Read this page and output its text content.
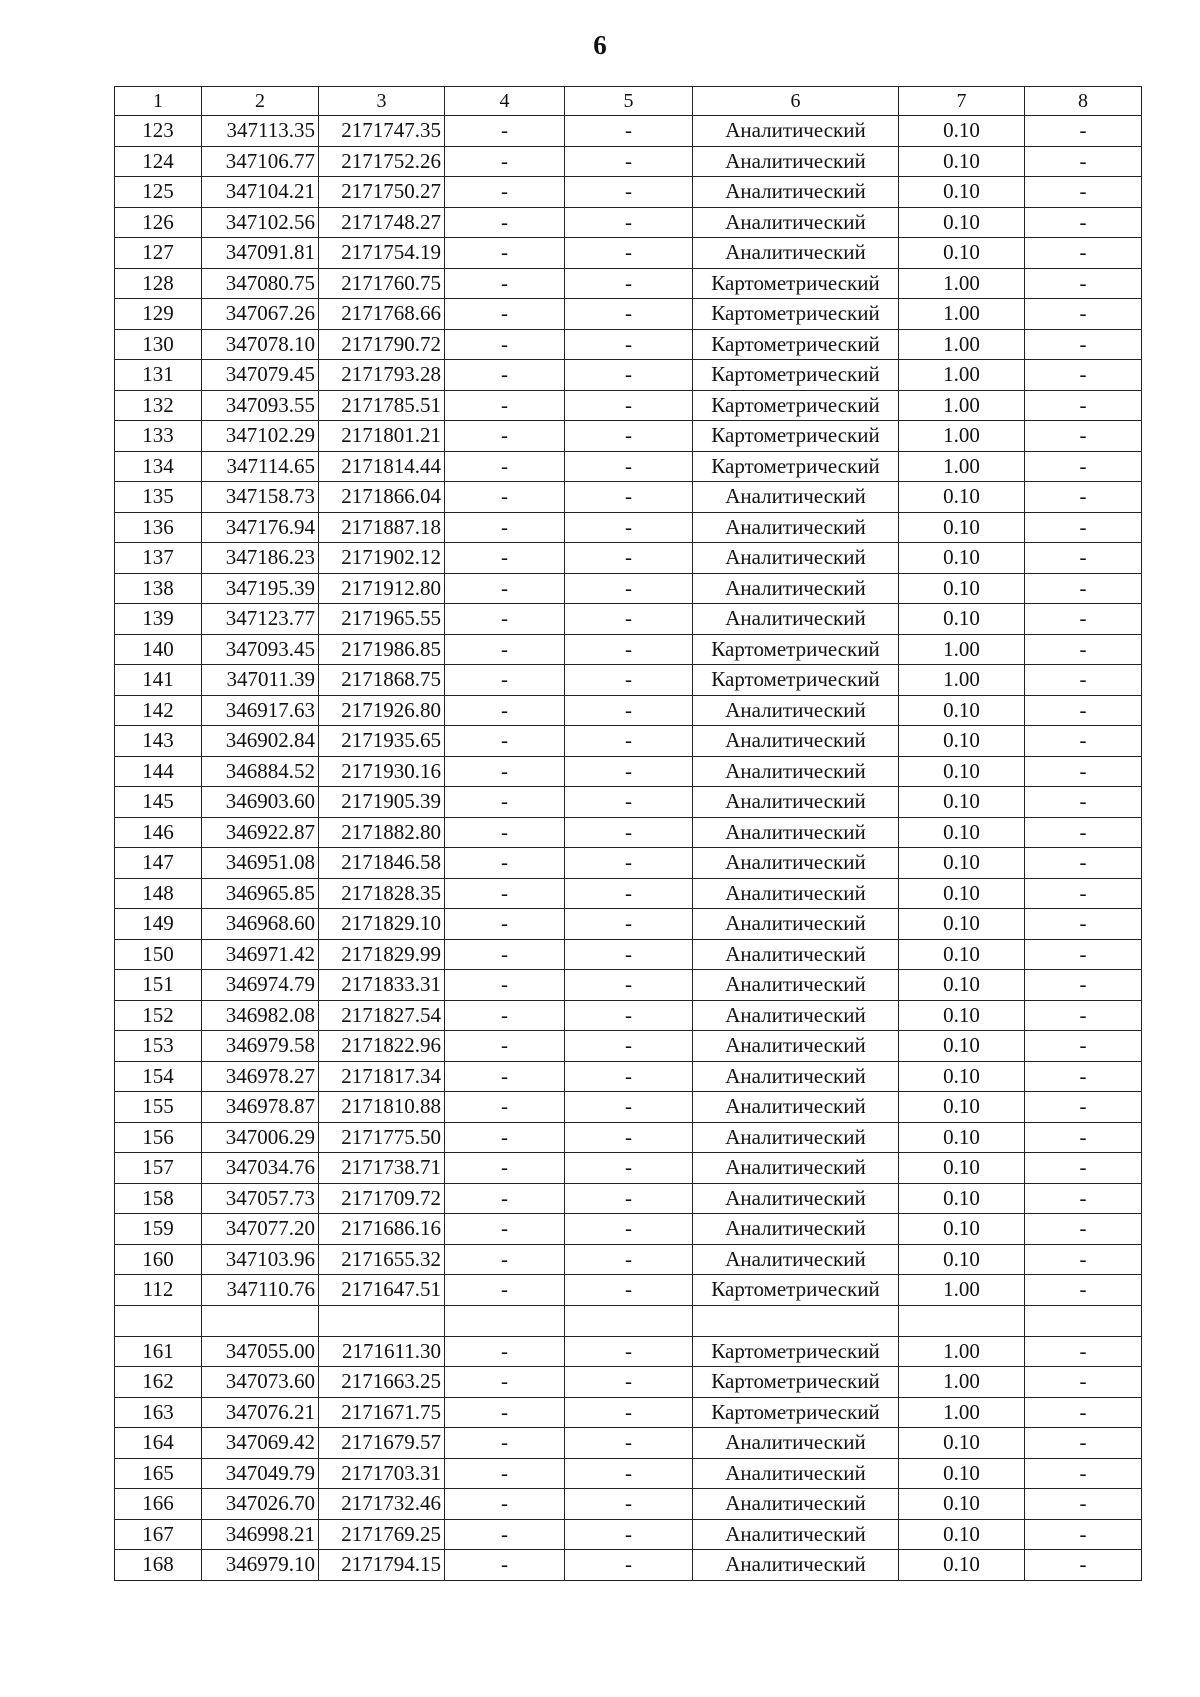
6
1	2	3	4	5	6	7	8
123	347113.35	2171747.35	-	-	Аналитический	0.10	-
124	347106.77	2171752.26	-	-	Аналитический	0.10	-
125	347104.21	2171750.27	-	-	Аналитический	0.10	-
126	347102.56	2171748.27	-	-	Аналитический	0.10	-
127	347091.81	2171754.19	-	-	Аналитический	0.10	-
128	347080.75	2171760.75	-	-	Картометрический	1.00	-
129	347067.26	2171768.66	-	-	Картометрический	1.00	-
130	347078.10	2171790.72	-	-	Картометрический	1.00	-
131	347079.45	2171793.28	-	-	Картометрический	1.00	-
132	347093.55	2171785.51	-	-	Картометрический	1.00	-
133	347102.29	2171801.21	-	-	Картометрический	1.00	-
134	347114.65	2171814.44	-	-	Картометрический	1.00	-
135	347158.73	2171866.04	-	-	Аналитический	0.10	-
136	347176.94	2171887.18	-	-	Аналитический	0.10	-
137	347186.23	2171902.12	-	-	Аналитический	0.10	-
138	347195.39	2171912.80	-	-	Аналитический	0.10	-
139	347123.77	2171965.55	-	-	Аналитический	0.10	-
140	347093.45	2171986.85	-	-	Картометрический	1.00	-
141	347011.39	2171868.75	-	-	Картометрический	1.00	-
142	346917.63	2171926.80	-	-	Аналитический	0.10	-
143	346902.84	2171935.65	-	-	Аналитический	0.10	-
144	346884.52	2171930.16	-	-	Аналитический	0.10	-
145	346903.60	2171905.39	-	-	Аналитический	0.10	-
146	346922.87	2171882.80	-	-	Аналитический	0.10	-
147	346951.08	2171846.58	-	-	Аналитический	0.10	-
148	346965.85	2171828.35	-	-	Аналитический	0.10	-
149	346968.60	2171829.10	-	-	Аналитический	0.10	-
150	346971.42	2171829.99	-	-	Аналитический	0.10	-
151	346974.79	2171833.31	-	-	Аналитический	0.10	-
152	346982.08	2171827.54	-	-	Аналитический	0.10	-
153	346979.58	2171822.96	-	-	Аналитический	0.10	-
154	346978.27	2171817.34	-	-	Аналитический	0.10	-
155	346978.87	2171810.88	-	-	Аналитический	0.10	-
156	347006.29	2171775.50	-	-	Аналитический	0.10	-
157	347034.76	2171738.71	-	-	Аналитический	0.10	-
158	347057.73	2171709.72	-	-	Аналитический	0.10	-
159	347077.20	2171686.16	-	-	Аналитический	0.10	-
160	347103.96	2171655.32	-	-	Аналитический	0.10	-
112	347110.76	2171647.51	-	-	Картометрический	1.00	-

161	347055.00	2171611.30	-	-	Картометрический	1.00	-
162	347073.60	2171663.25	-	-	Картометрический	1.00	-
163	347076.21	2171671.75	-	-	Картометрический	1.00	-
164	347069.42	2171679.57	-	-	Аналитический	0.10	-
165	347049.79	2171703.31	-	-	Аналитический	0.10	-
166	347026.70	2171732.46	-	-	Аналитический	0.10	-
167	346998.21	2171769.25	-	-	Аналитический	0.10	-
168	346979.10	2171794.15	-	-	Аналитический	0.10	-
